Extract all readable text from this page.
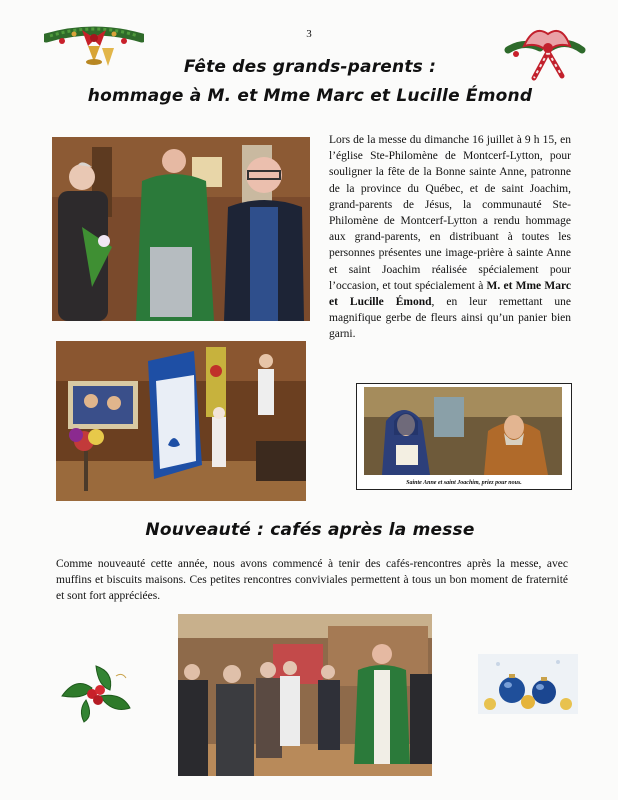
3
Fête des grands-parents :
hommage à M. et Mme Marc et Lucille Émond
Lors de la messe du dimanche 16 juillet à 9 h 15, en l’église Ste-Philomène de Montcerf-Lytton, pour souligner la fête de la Bonne sainte Anne, patronne de la province du Québec, et de saint Joachim, grand-parents de Jésus, la communauté Ste-Philomène de Montcerf-Lytton a rendu hommage aux grand-parents, en distribuant à toutes les personnes présentes une image-prière à sainte Anne et saint Joachim réalisée spécialement pour l’occasion, et tout spécialement à M. et Mme Marc et Lucille Émond, en leur remettant une magnifique gerbe de fleurs ainsi qu’un panier bien garni.
Sainte Anne et saint Joachim, priez pour nous.
Nouveauté : cafés après la messe
Comme nouveauté cette année, nous avons commencé à tenir des cafés-rencontres après la messe, avec muffins et biscuits maisons. Ces petites rencontres conviviales permettent à tous un bon moment de fraternité et sont fort appréciées.
